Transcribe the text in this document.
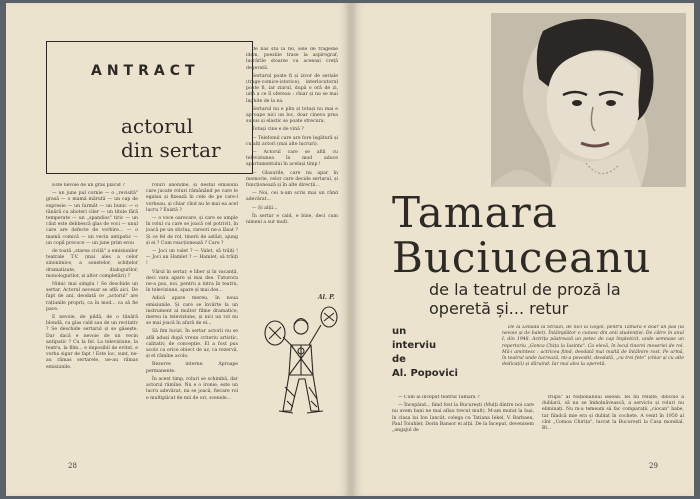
ANTRACT
actorul
din sertar

Este nevoie de un gras placid ?

— un june pul cornie — o „revisită" grasă — o mamă mărută — un cap de expresie — un farmăt — un bunic — o tânără cu aboteri ciler — un titule fără temperate — un „spandios" tiric — un căut este debbescă glas de voci — unul care are defecte de vorbire... — o mamă comică — un vecin antipatic — un copil precoce — un june prim erou

de toată „starea civilă" a emisiunilor teatrale T.V. (mai ales a celor sinonimice, a sonetelor, schițelor dramatizate, dialogurilor, monologurilor, și altor completări) ?

Nimic mai simplu ! Se deschide un sertar. Actorul necesar se află aici. De fapt de ani, deodată ce „actorul" are rațiunile proprii, ca în mod... ca să fie pace.

E nevoie, de pildă, de o tânără blondă, cu glas cald sau de un recitativ ? Se deschide sertarul și se găsește. Dar dacă e nevoie de un vecin antipatic ? Cu la fel. La televiziune, la teatru, la film... e imposibil de evitat, e vorba sigur de fapt ! Este loc, sunt, ne-au rămas sertarele, ne-au rămas emisiunile.

roluri anonime, și destul emisiuni care jucate roluri rămânând pe care le egalau și fixează în cele de pe care-l vorbeau, și chiar cînd nu le mai ea acel lucru ? Există ?

— o voce oarecare, și care se umple în rolul cu care se joacă cel potrivit, în joacă pe un sticluș, rareori ne-a lăsat ? Și ce fel de rol, tinerii de astăzi, ajung și ei ? Cum reacționează ? Care ?

— Joci un valet ? — Valet, să trăiți ! — Joci un Hamlet ? — Hamlet, să trăiți !

Vărul în sertar, e liber și în vacanță, deci vara apare și mai des. Tuturora ne-a pus, noi, pentru a intra în teatru, în televiziune, apare și mai des...

Adică apare mereu, în noua emisiunile. Și care se învârte la un instrument al multor filme dramatice, mereu la televiziune, și nici un rol nu se mai joacă în afară de el...

Să fim lucizi. În sertar actorii nu se află aduși după vreun criteriu artistic, calitativ, de concepție. El a fost pus acolo ca orice obiect de uz, ca rezervă, și el rămîne acolo.

Rezerve interne. Aproape permanente.

În acest timp, roluri se schimbă, dar actorul rămîne. Nu e o ironie, este un lucru adevărat, nu se joacă, fiecare rol e multiplicat de mii de ori, scenele...

de bas știi la fel, sele de tragedie idem, poeziile trase la aspirograf, lucrările stoarse cu aceeași creță degerată.

Sertarul poate fi și izvor de seriale (trage-comice-istorice), interlocutorul poate fi, iar ziarul, după o oră de zi, uită a ce îl ofereau : chiar și nu se mai înghite de la ea.

Sertarul nu e plin și totuși nu mai e aproape nici un loc, doar cineva prea supus și elastic se poate strecura.

Totuși cine e de vină ?

— Telefonul care are fore legătură și cu alți actori (mai alte lucruri).

— Actorul care se află cu televiziunea în mod aduce apartamentului în același timp !

— Glasurile, care nu apar în memorie, celor care decide sertarul, și funcționează și în alte direcții...

— Noi, cei n-am scris mai un rând adevărat...

— Și alții...

În sertar e cald, e bine, deci cum nimeni a sur mult.

Al. P.
28
Tamara
Buciuceanu
de la teatrul de proză la
operetă și... retur
un
interviu
de
Al. Popovici

De la Lebăda la Straun, de nici la Gogol, pentru Tamara e doar un pas (la nevoie și de balet). Întâmplător o cunosc din anii studenției. De către în anul I, din 1948. Actrița păstrează un petec de cap împleticit, unde semnase un repertoriu „Gonca Chițu la Iasinta". Ca elevă, în locul tinerei meseriei de rol. Mă-i amintesc : actricea fiind, deodată mai multă de întâlnire rost. Pe urmă, în teatrul unde lucrează, mi-a povestit, deodată, „cu trei fete" (chiar și cu alte dedicații) și dăruind. Iar mai ales la operetă.

— Cum ai început teatrul Tamara ?

— Începând... fiind fost la București (Mulți dintre noi care nu avem bani ne mai aflau trecut mult). M-am mutat la Iași, în clasa lui Ion Iancăt, colega cu Tatiana Iekel, V. Barbaeu, Paul Toiuhler, Dorin Bansor ei alții. De la început, devenisem „angajul de

trupă" al Naționalului ieșean. Iei nu reliște, dincolo a dublarii, să nu se îmbolnăvească, a serviciu și roluri nu eliminați. Nu m-a temeam să fac comparații „ciocan" babe, tar fiindcă mie era și dublat în cochete. A venit în 1950 al cînt „Comoa Chirița", lucrat la București la Casa mondial. Bl...

29
